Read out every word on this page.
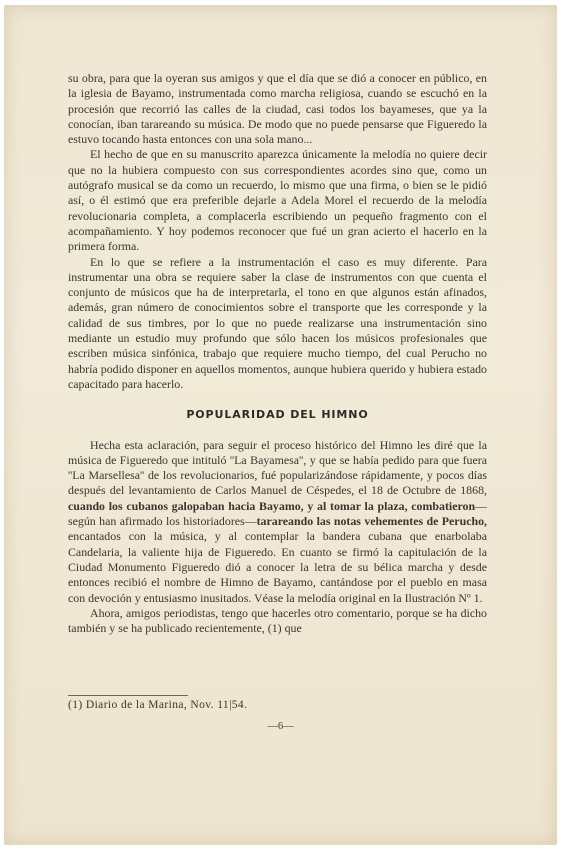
su obra, para que la oyeran sus amigos y que el día que se dió a conocer en público, en la iglesia de Bayamo, instrumentada como marcha religiosa, cuando se escuchó en la procesión que recorrió las calles de la ciudad, casi todos los bayameses, que ya la conocían, iban tarareando su música. De modo que no puede pensarse que Figueredo la estuvo tocando hasta entonces con una sola mano...

El hecho de que en su manuscrito aparezca únicamente la melodía no quiere decir que no la hubiera compuesto con sus correspondientes acordes sino que, como un autógrafo musical se da como un recuerdo, lo mismo que una firma, o bien se le pidió así, o él estimó que era preferible dejarle a Adela Morel el recuerdo de la melodía revolucionaria completa, a complacerla escribiendo un pequeño fragmento con el acompañamiento. Y hoy podemos reconocer que fué un gran acierto el hacerlo en la primera forma.

En lo que se refiere a la instrumentación el caso es muy diferente. Para instrumentar una obra se requiere saber la clase de instrumentos con que cuenta el conjunto de músicos que ha de interpretarla, el tono en que algunos están afinados, además, gran número de conocimientos sobre el transporte que les corresponde y la calidad de sus timbres, por lo que no puede realizarse una instrumentación sino mediante un estudio muy profundo que sólo hacen los músicos profesionales que escriben música sinfónica, trabajo que requiere mucho tiempo, del cual Perucho no habría podido disponer en aquellos momentos, aunque hubiera querido y hubiera estado capacitado para hacerlo.

POPULARIDAD DEL HIMNO

Hecha esta aclaración, para seguir el proceso histórico del Himno les diré que la música de Figueredo que intituló ''La Bayamesa'', y que se había pedido para que fuera ''La Marsellesa'' de los revolucionarios, fué popularizándose rápidamente, y pocos días después del levantamiento de Carlos Manuel de Céspedes, el 18 de Octubre de 1868, cuando los cubanos galopaban hacia Bayamo, y al tomar la plaza, combatieron—según han afirmado los historiadores—tarareando las notas vehementes de Perucho, encantados con la música, y al contemplar la bandera cubana que enarbolaba Candelaria, la valiente hija de Figueredo. En cuanto se firmó la capitulación de la Ciudad Monumento Figueredo dió a conocer la letra de su bélica marcha y desde entonces recibió el nombre de Himno de Bayamo, cantándose por el pueblo en masa con devoción y entusiasmo inusitados. Véase la melodía original en la Ilustración Nº 1.

Ahora, amigos periodistas, tengo que hacerles otro comentario, porque se ha dicho también y se ha publicado recientemente, (1) que

(1) Diario de la Marina, Nov. 11|54.
—6—
